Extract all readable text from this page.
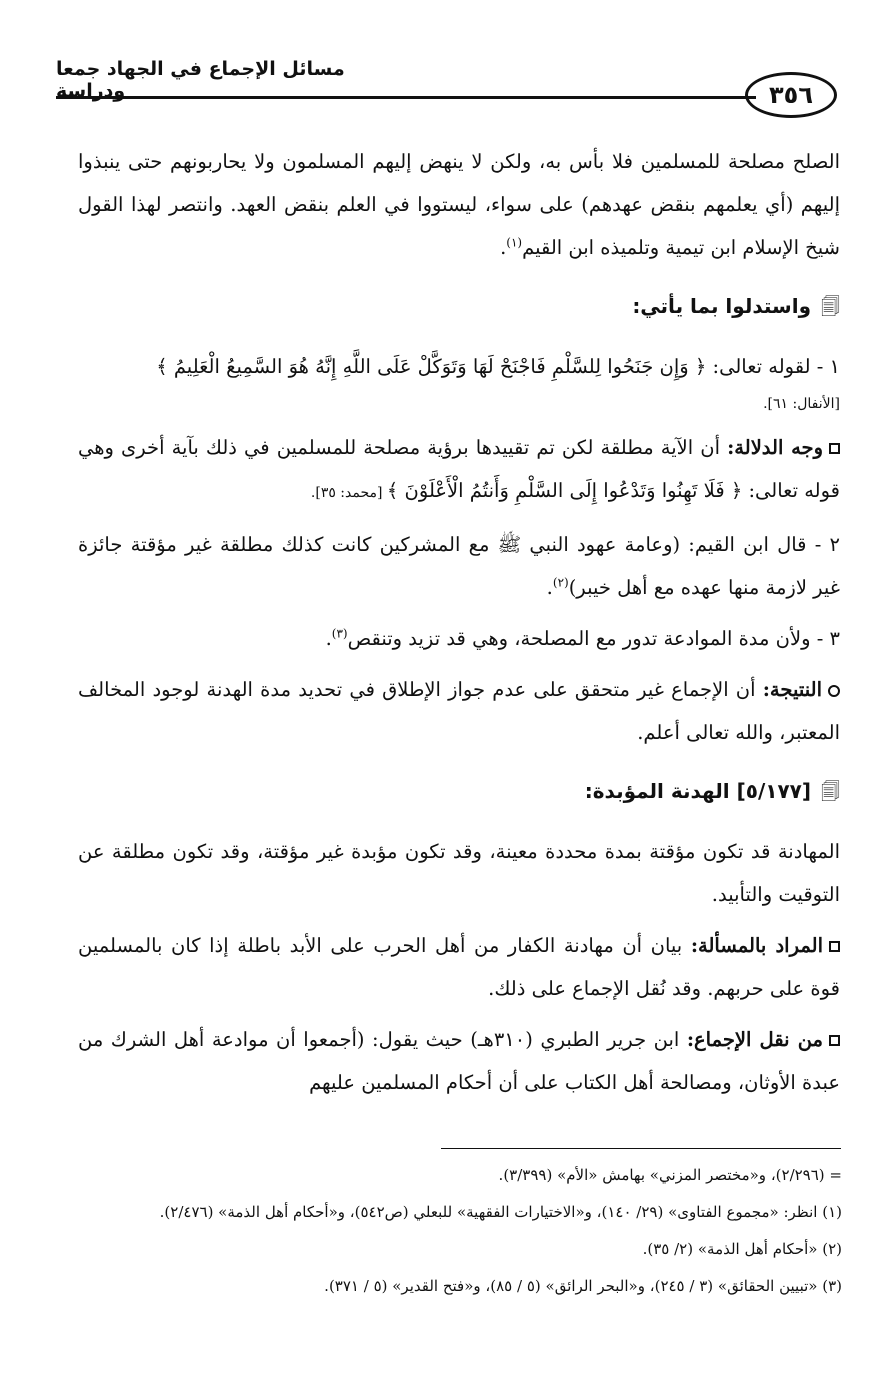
٣٥٦
مسائل الإجماع في الجهاد جمعا ودراسة

الصلح مصلحة للمسلمين فلا بأس به، ولكن لا ينهض إليهم المسلمون ولا يحاربونهم حتى ينبذوا إليهم (أي يعلمهم بنقض عهدهم) على سواء، ليستووا في العلم بنقض العهد. وانتصر لهذا القول شيخ الإسلام ابن تيمية وتلميذه ابن القيم$^{(١)}$.

🗐واستدلوا بما يأتي:

١ - لقوله تعالى: ﴿ وَإِن جَنَحُوا لِلسَّلْمِ فَاجْنَحْ لَهَا وَتَوَكَّلْ عَلَى اللَّهِ إِنَّهُ هُوَ السَّمِيعُ الْعَلِيمُ ﴾

[الأنفال: ٦١].

وجه الدلالة: أن الآية مطلقة لكن تم تقييدها برؤية مصلحة للمسلمين في ذلك بآية أخرى وهي قوله تعالى: ﴿ فَلَا تَهِنُوا وَتَدْعُوا إِلَى السَّلْمِ وَأَنتُمُ الْأَعْلَوْنَ ﴾ [محمد: ٣٥].

٢ - قال ابن القيم: (وعامة عهود النبي ﷺ مع المشركين كانت كذلك مطلقة غير مؤقتة جائزة غير لازمة منها عهده مع أهل خيبر)$^{(٢)}$.

٣ - ولأن مدة الموادعة تدور مع المصلحة، وهي قد تزيد وتنقص$^{(٣)}$.

النتيجة: أن الإجماع غير متحقق على عدم جواز الإطلاق في تحديد مدة الهدنة لوجود المخالف المعتبر، والله تعالى أعلم.

🗐[٥/١٧٧] الهدنة المؤبدة:

المهادنة قد تكون مؤقتة بمدة محددة معينة، وقد تكون مؤبدة غير مؤقتة، وقد تكون مطلقة عن التوقيت والتأبيد.

المراد بالمسألة: بيان أن مهادنة الكفار من أهل الحرب على الأبد باطلة إذا كان بالمسلمين قوة على حربهم. وقد نُقل الإجماع على ذلك.

من نقل الإجماع: ابن جرير الطبري (٣١٠هـ) حيث يقول: (أجمعوا أن موادعة أهل الشرك من عبدة الأوثان، ومصالحة أهل الكتاب على أن أحكام المسلمين عليهم

= (٢/٢٩٦)، و«مختصر المزني» بهامش «الأم» (٣/٣٩٩).

(١) انظر: «مجموع الفتاوى» (٢٩/ ١٤٠)، و«الاختيارات الفقهية» للبعلي (ص٥٤٢)، و«أحكام أهل الذمة» (٢/٤٧٦).

(٢) «أحكام أهل الذمة» (٢/ ٣٥).

(٣) «تبيين الحقائق» (٣ / ٢٤٥)، و«البحر الرائق» (٥ / ٨٥)، و«فتح القدير» (٥ / ٣٧١).
